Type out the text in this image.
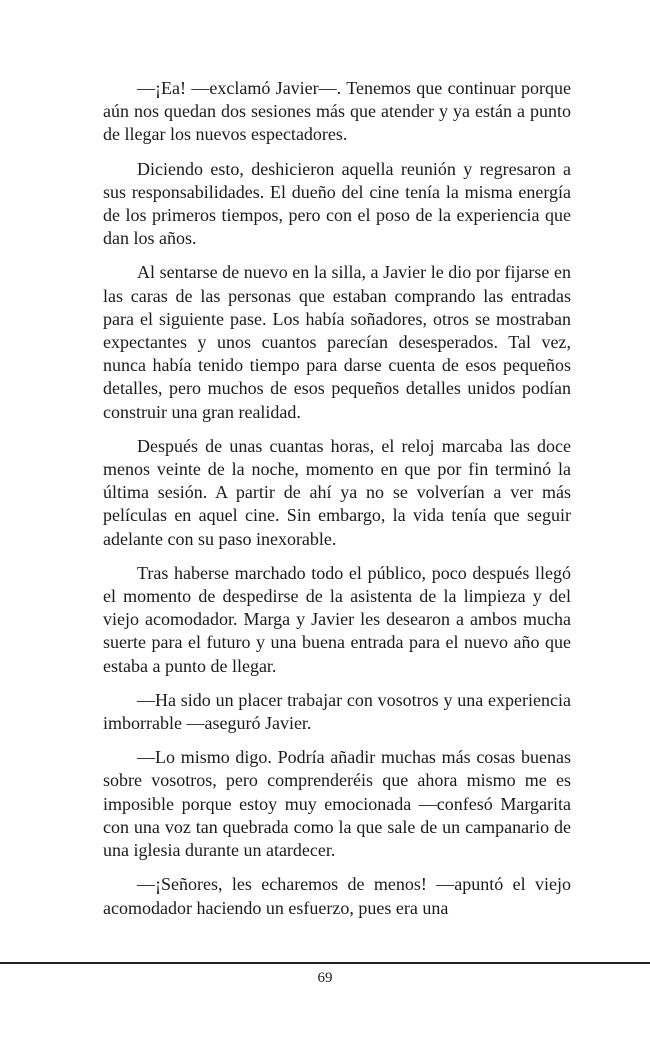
—¡Ea! —exclamó Javier—. Tenemos que continuar porque aún nos quedan dos sesiones más que atender y ya están a punto de llegar los nuevos espectadores.

Diciendo esto, deshicieron aquella reunión y regresaron a sus responsabilidades. El dueño del cine tenía la misma energía de los primeros tiempos, pero con el poso de la experiencia que dan los años.

Al sentarse de nuevo en la silla, a Javier le dio por fijarse en las caras de las personas que estaban comprando las entradas para el siguiente pase. Los había soñadores, otros se mostraban expectantes y unos cuantos parecían desesperados. Tal vez, nunca había tenido tiempo para darse cuenta de esos pequeños detalles, pero muchos de esos pequeños detalles unidos podían construir una gran realidad.

Después de unas cuantas horas, el reloj marcaba las doce menos veinte de la noche, momento en que por fin terminó la última sesión. A partir de ahí ya no se volverían a ver más películas en aquel cine. Sin embargo, la vida tenía que seguir adelante con su paso inexorable.

Tras haberse marchado todo el público, poco después llegó el momento de despedirse de la asistenta de la limpieza y del viejo acomodador. Marga y Javier les desearon a ambos mucha suerte para el futuro y una buena entrada para el nuevo año que estaba a punto de llegar.

—Ha sido un placer trabajar con vosotros y una experiencia imborrable —aseguró Javier.

—Lo mismo digo. Podría añadir muchas más cosas buenas sobre vosotros, pero comprenderéis que ahora mismo me es imposible porque estoy muy emocionada —confesó Margarita con una voz tan quebrada como la que sale de un campanario de una iglesia durante un atardecer.

—¡Señores, les echaremos de menos! —apuntó el viejo acomodador haciendo un esfuerzo, pues era una

69
